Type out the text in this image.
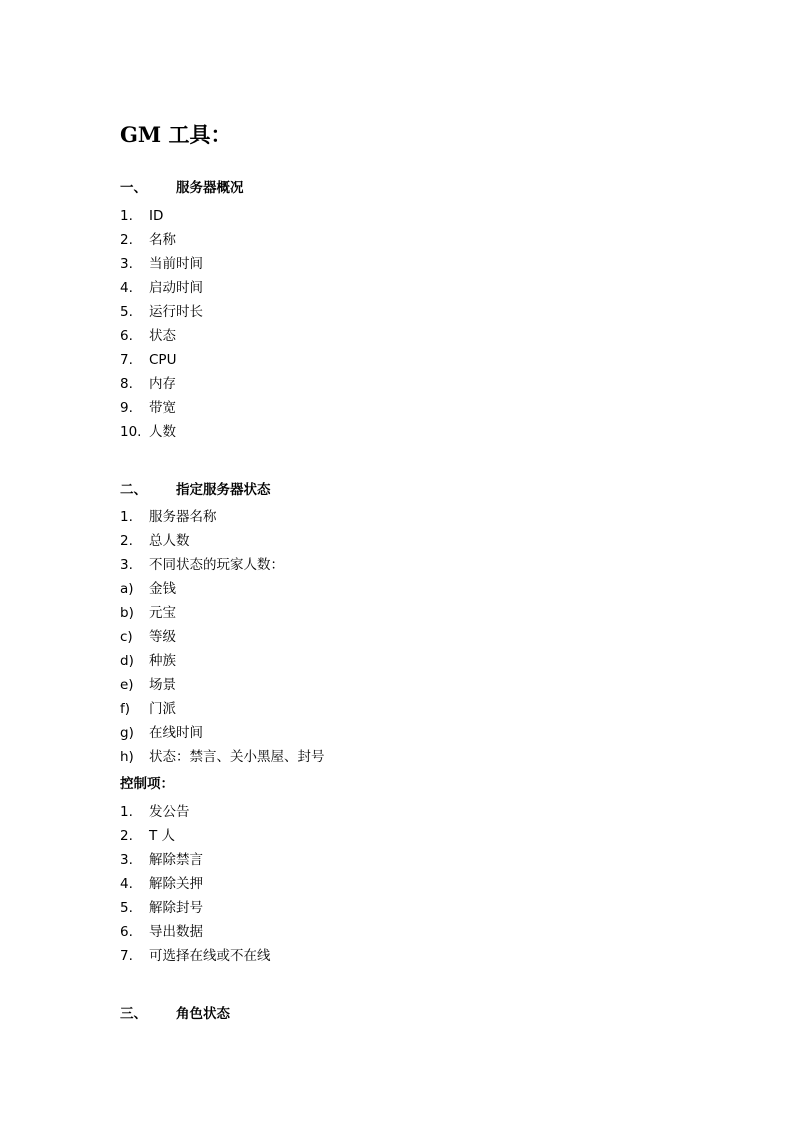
GM 工具：
一、 服务器概况
1. ID
2. 名称
3. 当前时间
4. 启动时间
5. 运行时长
6. 状态
7. CPU
8. 内存
9. 带宽
10. 人数
二、 指定服务器状态
1. 服务器名称
2. 总人数
3. 不同状态的玩家人数：
a) 金钱
b) 元宝
c) 等级
d) 种族
e) 场景
f) 门派
g) 在线时间
h) 状态：禁言、关小黑屋、封号
控制项：
1. 发公告
2. T 人
3. 解除禁言
4. 解除关押
5. 解除封号
6. 导出数据
7. 可选择在线或不在线
三、 角色状态
